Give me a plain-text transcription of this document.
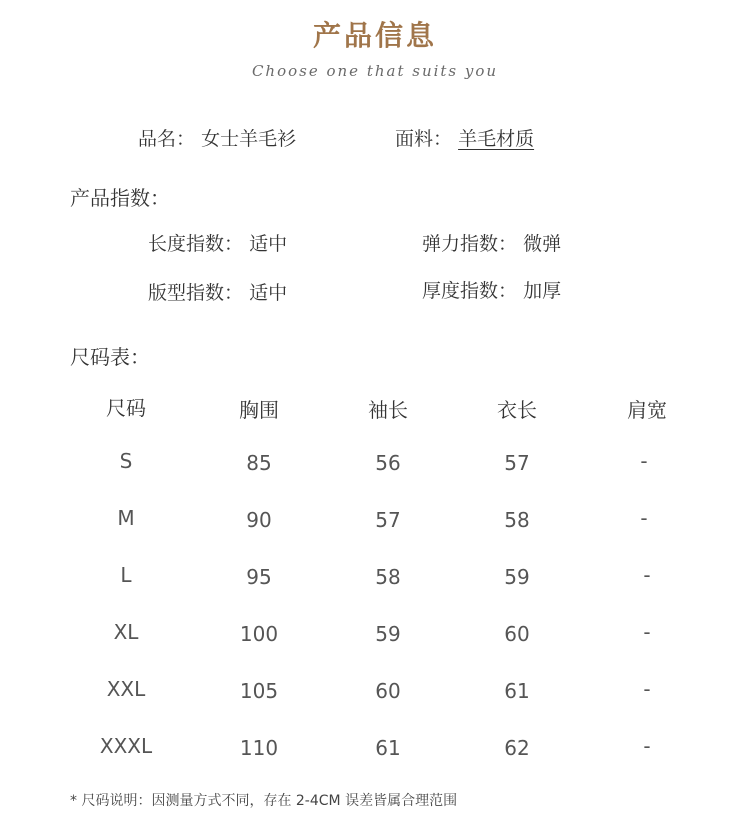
产品信息
Choose one that suits you
品名： 女士羊毛衫	面料： 羊毛材质
产品指数：
长度指数： 适中	弹力指数： 微弹
版型指数： 适中	厚度指数： 加厚
尺码表：
尺码	胸围	袖长	衣长	肩宽
S	85	56	57	-
M	90	57	58	-
L	95	58	59	-
XL	100	59	60	-
XXL	105	60	61	-
XXXL	110	61	62	-
* 尺码说明：因测量方式不同，存在 2-4CM 误差皆属合理范围
